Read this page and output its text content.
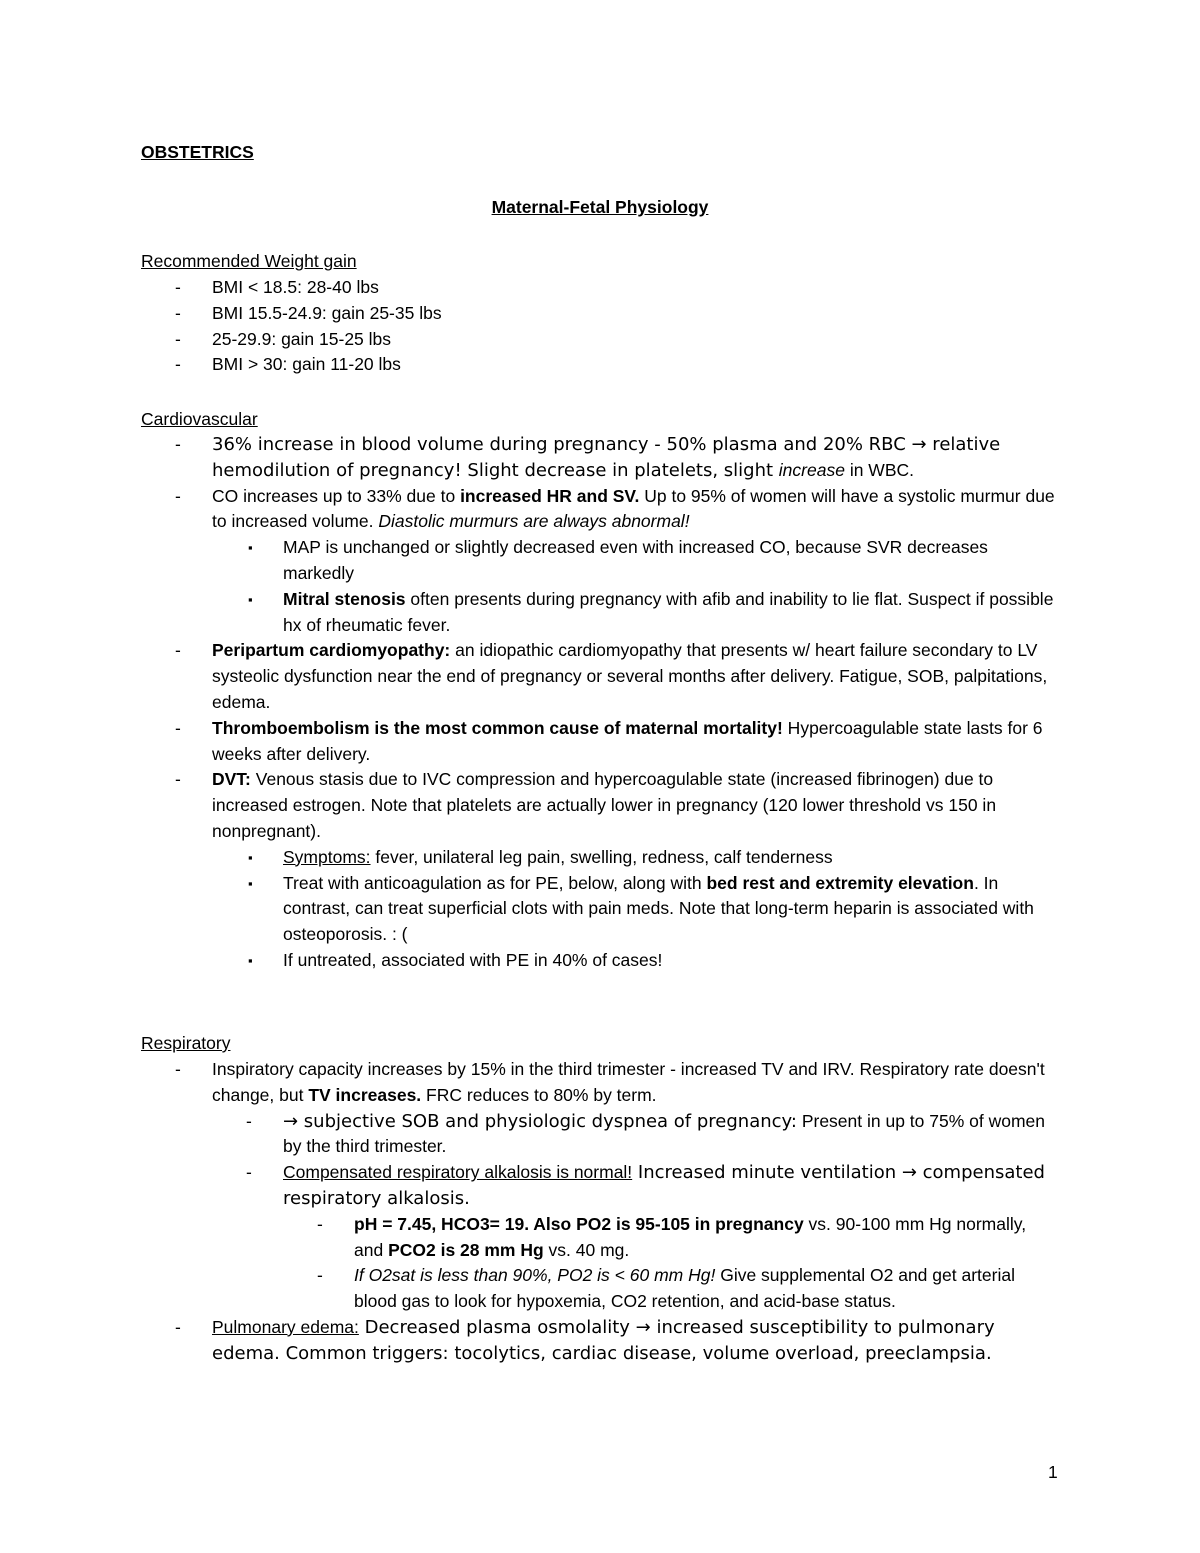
OBSTETRICS
Maternal-Fetal Physiology
Recommended Weight gain
- BMI < 18.5: 28-40 lbs
- BMI 15.5-24.9: gain 25-35 lbs
- 25-29.9: gain 15-25 lbs
- BMI > 30: gain 11-20 lbs
Cardiovascular
- 36% increase in blood volume during pregnancy - 50% plasma and 20% RBC → relative hemodilution of pregnancy! Slight decrease in platelets, slight increase in WBC.
- CO increases up to 33% due to increased HR and SV. Up to 95% of women will have a systolic murmur due to increased volume. Diastolic murmurs are always abnormal!
▪ MAP is unchanged or slightly decreased even with increased CO, because SVR decreases markedly
▪ Mitral stenosis often presents during pregnancy with afib and inability to lie flat. Suspect if possible hx of rheumatic fever.
- Peripartum cardiomyopathy: an idiopathic cardiomyopathy that presents w/ heart failure secondary to LV systeolic dysfunction near the end of pregnancy or several months after delivery. Fatigue, SOB, palpitations, edema.
- Thromboembolism is the most common cause of maternal mortality! Hypercoagulable state lasts for 6 weeks after delivery.
- DVT: Venous stasis due to IVC compression and hypercoagulable state (increased fibrinogen) due to increased estrogen. Note that platelets are actually lower in pregnancy (120 lower threshold vs 150 in nonpregnant).
▪ Symptoms: fever, unilateral leg pain, swelling, redness, calf tenderness
▪ Treat with anticoagulation as for PE, below, along with bed rest and extremity elevation. In contrast, can treat superficial clots with pain meds. Note that long-term heparin is associated with osteoporosis. : (
▪ If untreated, associated with PE in 40% of cases!
Respiratory
- Inspiratory capacity increases by 15% in the third trimester - increased TV and IRV. Respiratory rate doesn't change, but TV increases. FRC reduces to 80% by term.
- → subjective SOB and physiologic dyspnea of pregnancy: Present in up to 75% of women by the third trimester.
- Compensated respiratory alkalosis is normal! Increased minute ventilation → compensated respiratory alkalosis.
- pH = 7.45, HCO3= 19. Also PO2 is 95-105 in pregnancy vs. 90-100 mm Hg normally, and PCO2 is 28 mm Hg vs. 40 mg.
- If O2sat is less than 90%, PO2 is < 60 mm Hg! Give supplemental O2 and get arterial blood gas to look for hypoxemia, CO2 retention, and acid-base status.
- Pulmonary edema: Decreased plasma osmolality → increased susceptibility to pulmonary edema. Common triggers: tocolytics, cardiac disease, volume overload, preeclampsia.
1
